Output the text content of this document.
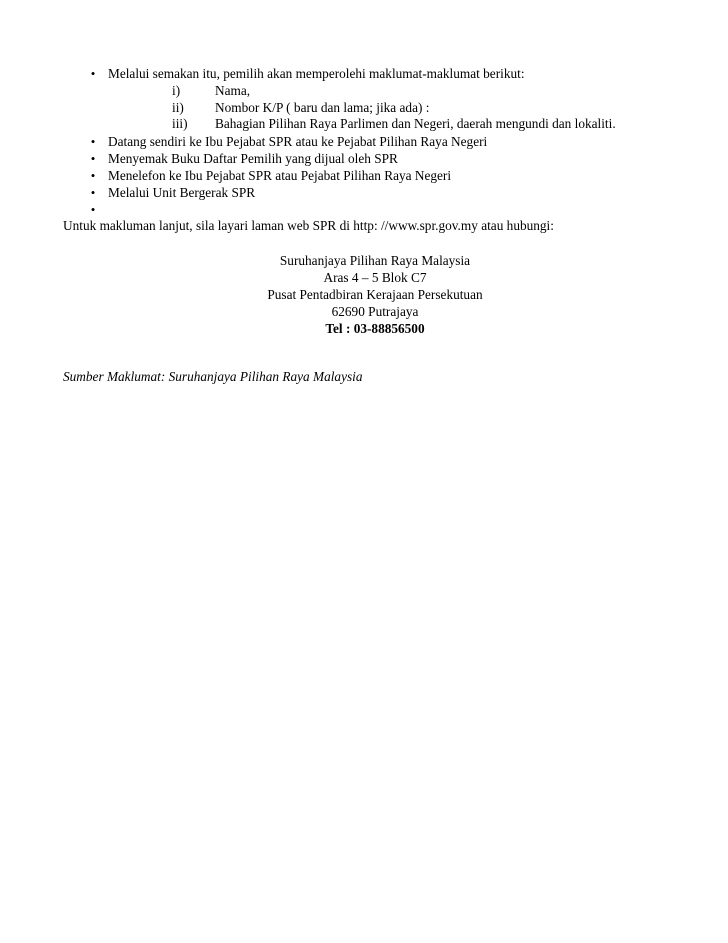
• Melalui semakan itu, pemilih akan memperolehi maklumat-maklumat berikut:
i)	Nama,
ii) Nombor K/P ( baru dan lama; jika ada) :
iii) Bahagian Pilihan Raya Parlimen dan Negeri, daerah mengundi dan lokaliti.
• Datang sendiri ke Ibu Pejabat SPR atau ke Pejabat Pilihan Raya Negeri
• Menyemak Buku Daftar Pemilih yang dijual oleh SPR
• Menelefon ke Ibu Pejabat SPR atau Pejabat Pilihan Raya Negeri
• Melalui Unit Bergerak SPR
•
Untuk makluman lanjut, sila layari laman web SPR di http: //www.spr.gov.my atau hubungi:
Suruhanjaya Pilihan Raya Malaysia
Aras 4 – 5 Blok C7
Pusat Pentadbiran Kerajaan Persekutuan
62690 Putrajaya
Tel : 03-88856500
Sumber Maklumat: Suruhanjaya Pilihan Raya Malaysia
